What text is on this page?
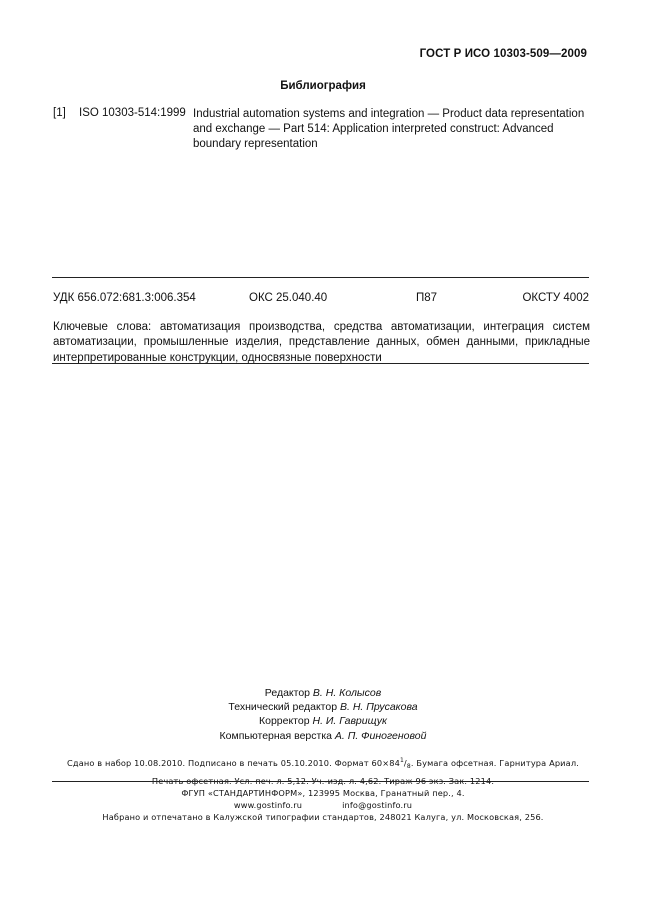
ГОСТ Р ИСО 10303-509—2009
Библиография
[1] ISO 10303-514:1999 Industrial automation systems and integration — Product data representation and exchange — Part 514: Application interpreted construct: Advanced boundary representation
УДК 656.072:681.3:006.354	ОКС 25.040.40	П87	ОКСТУ 4002
Ключевые слова: автоматизация производства, средства автоматизации, интеграция систем автоматизации, промышленные изделия, представление данных, обмен данными, прикладные интерпретированные конструкции, односвязные поверхности
Редактор В. Н. Колысов
Технический редактор В. Н. Прусакова
Корректор Н. И. Гаврищук
Компьютерная верстка А. П. Финогеновой
Сдано в набор 10.08.2010. Подписано в печать 05.10.2010. Формат $60\times 84^1/_8$. Бумага офсетная. Гарнитура Ариал.
Печать офсетная. Усл. печ. л. 5,12. Уч.-изд. л. 4,62. Тираж 96 экз. Зак. 1214.
ФГУП «СТАНДАРТИНФОРМ», 123995 Москва, Гранатный пер., 4.
www.gostinfo.ru	info@gostinfo.ru
Набрано и отпечатано в Калужской типографии стандартов, 248021 Калуга, ул. Московская, 256.
